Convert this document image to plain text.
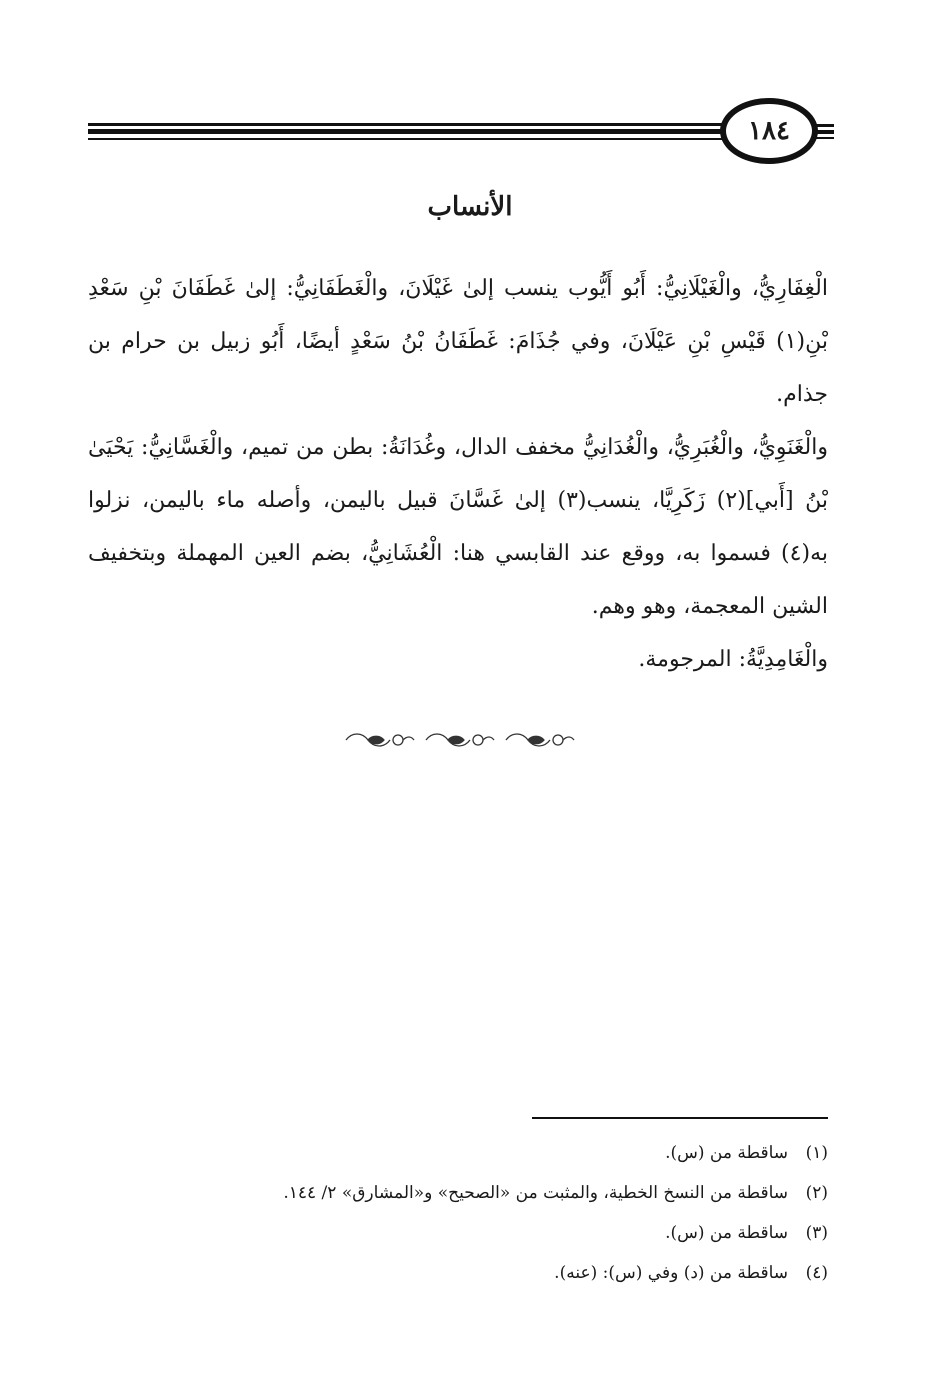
١٨٤
الأنساب

الْغِفَارِيُّ، والْغَيْلَانِيُّ: أَبُو أَيُّوب ينسب إلىٰ غَيْلَانَ، والْغَطَفَانِيُّ: إلىٰ غَطَفَانَ بْنِ سَعْدِ بْنِ(١) قَيْسِ بْنِ عَيْلَانَ، وفي جُذَامَ: غَطَفَانُ بْنُ سَعْدٍ أيضًا، أَبُو زبيل بن حرام بن جذام.

والْغَنَوِيُّ، والْغُبَرِيُّ، والْغُدَانِيُّ مخفف الدال، وغُدَانَةُ: بطن من تميم، والْغَسَّانِيُّ: يَحْيَىٰ بْنُ [أَبي](٢) زَكَرِيَّا، ينسب(٣) إلىٰ غَسَّانَ قبيل باليمن، وأصله ماء باليمن، نزلوا به(٤) فسموا به، ووقع عند القابسي هنا: الْعُشَانِيُّ، بضم العين المهملة وبتخفيف الشين المعجمة، وهو وهم.

والْغَامِدِيَّةُ: المرجومة.

(١)
ساقطة من (س).
(٢)
ساقطة من النسخ الخطية، والمثبت من «الصحيح» و«المشارق» ٢/ ١٤٤.
(٣)
ساقطة من (س).
(٤)
ساقطة من (د) وفي (س): (عنه).
